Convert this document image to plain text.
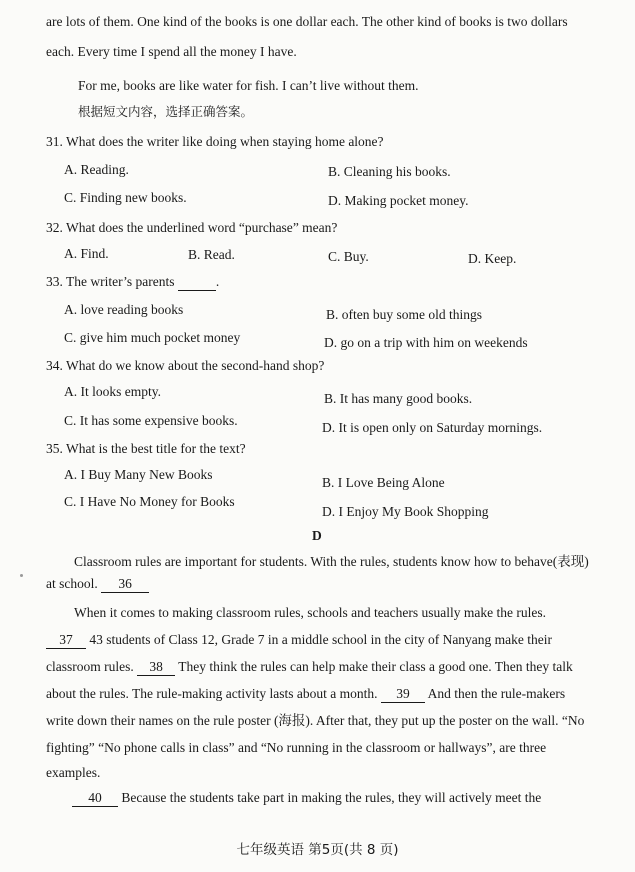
are lots of them. One kind of the books is one dollar each. The other kind of books is two dollars
each. Every time I spend all the money I have.
For me, books are like water for fish. I can’t live without them.
根据短文内容，选择正确答案。
31. What does the writer like doing when staying home alone?
A. Reading.	B. Cleaning his books.
C. Finding new books.	D. Making pocket money.
32. What does the underlined word “purchase” mean?
A. Find.	B. Read.	C. Buy.	D. Keep.
33. The writer’s parents	.
A. love reading books	B. often buy some old things
C. give him much pocket money	D. go on a trip with him on weekends
34. What do we know about the second-hand shop?
A. It looks empty.	B. It has many good books.
C. It has some expensive books.	D. It is open only on Saturday mornings.
35. What is the best title for the text?
A. I Buy Many New Books
B. I Love Being Alone
C. I Have No Money for Books
D. I Enjoy My Book Shopping
D
Classroom rules are important for students. With the rules, students know how to behave(表现)
at school. 36
When it comes to making classroom rules, schools and teachers usually make the rules.
37 43 students of Class 12, Grade 7 in a middle school in the city of Nanyang make their
classroom rules. 38 They think the rules can help make their class a good one. Then they talk
about the rules. The rule-making activity lasts about a month. 39 And then the rule-makers
write down their names on the rule poster (海报). After that, they put up the poster on the wall. “No
fighting” “No phone calls in class” and “No running in the classroom or hallways”, are three
examples.
40 Because the students take part in making the rules, they will actively meet the
七年级英语 第5页(共 8 页)
